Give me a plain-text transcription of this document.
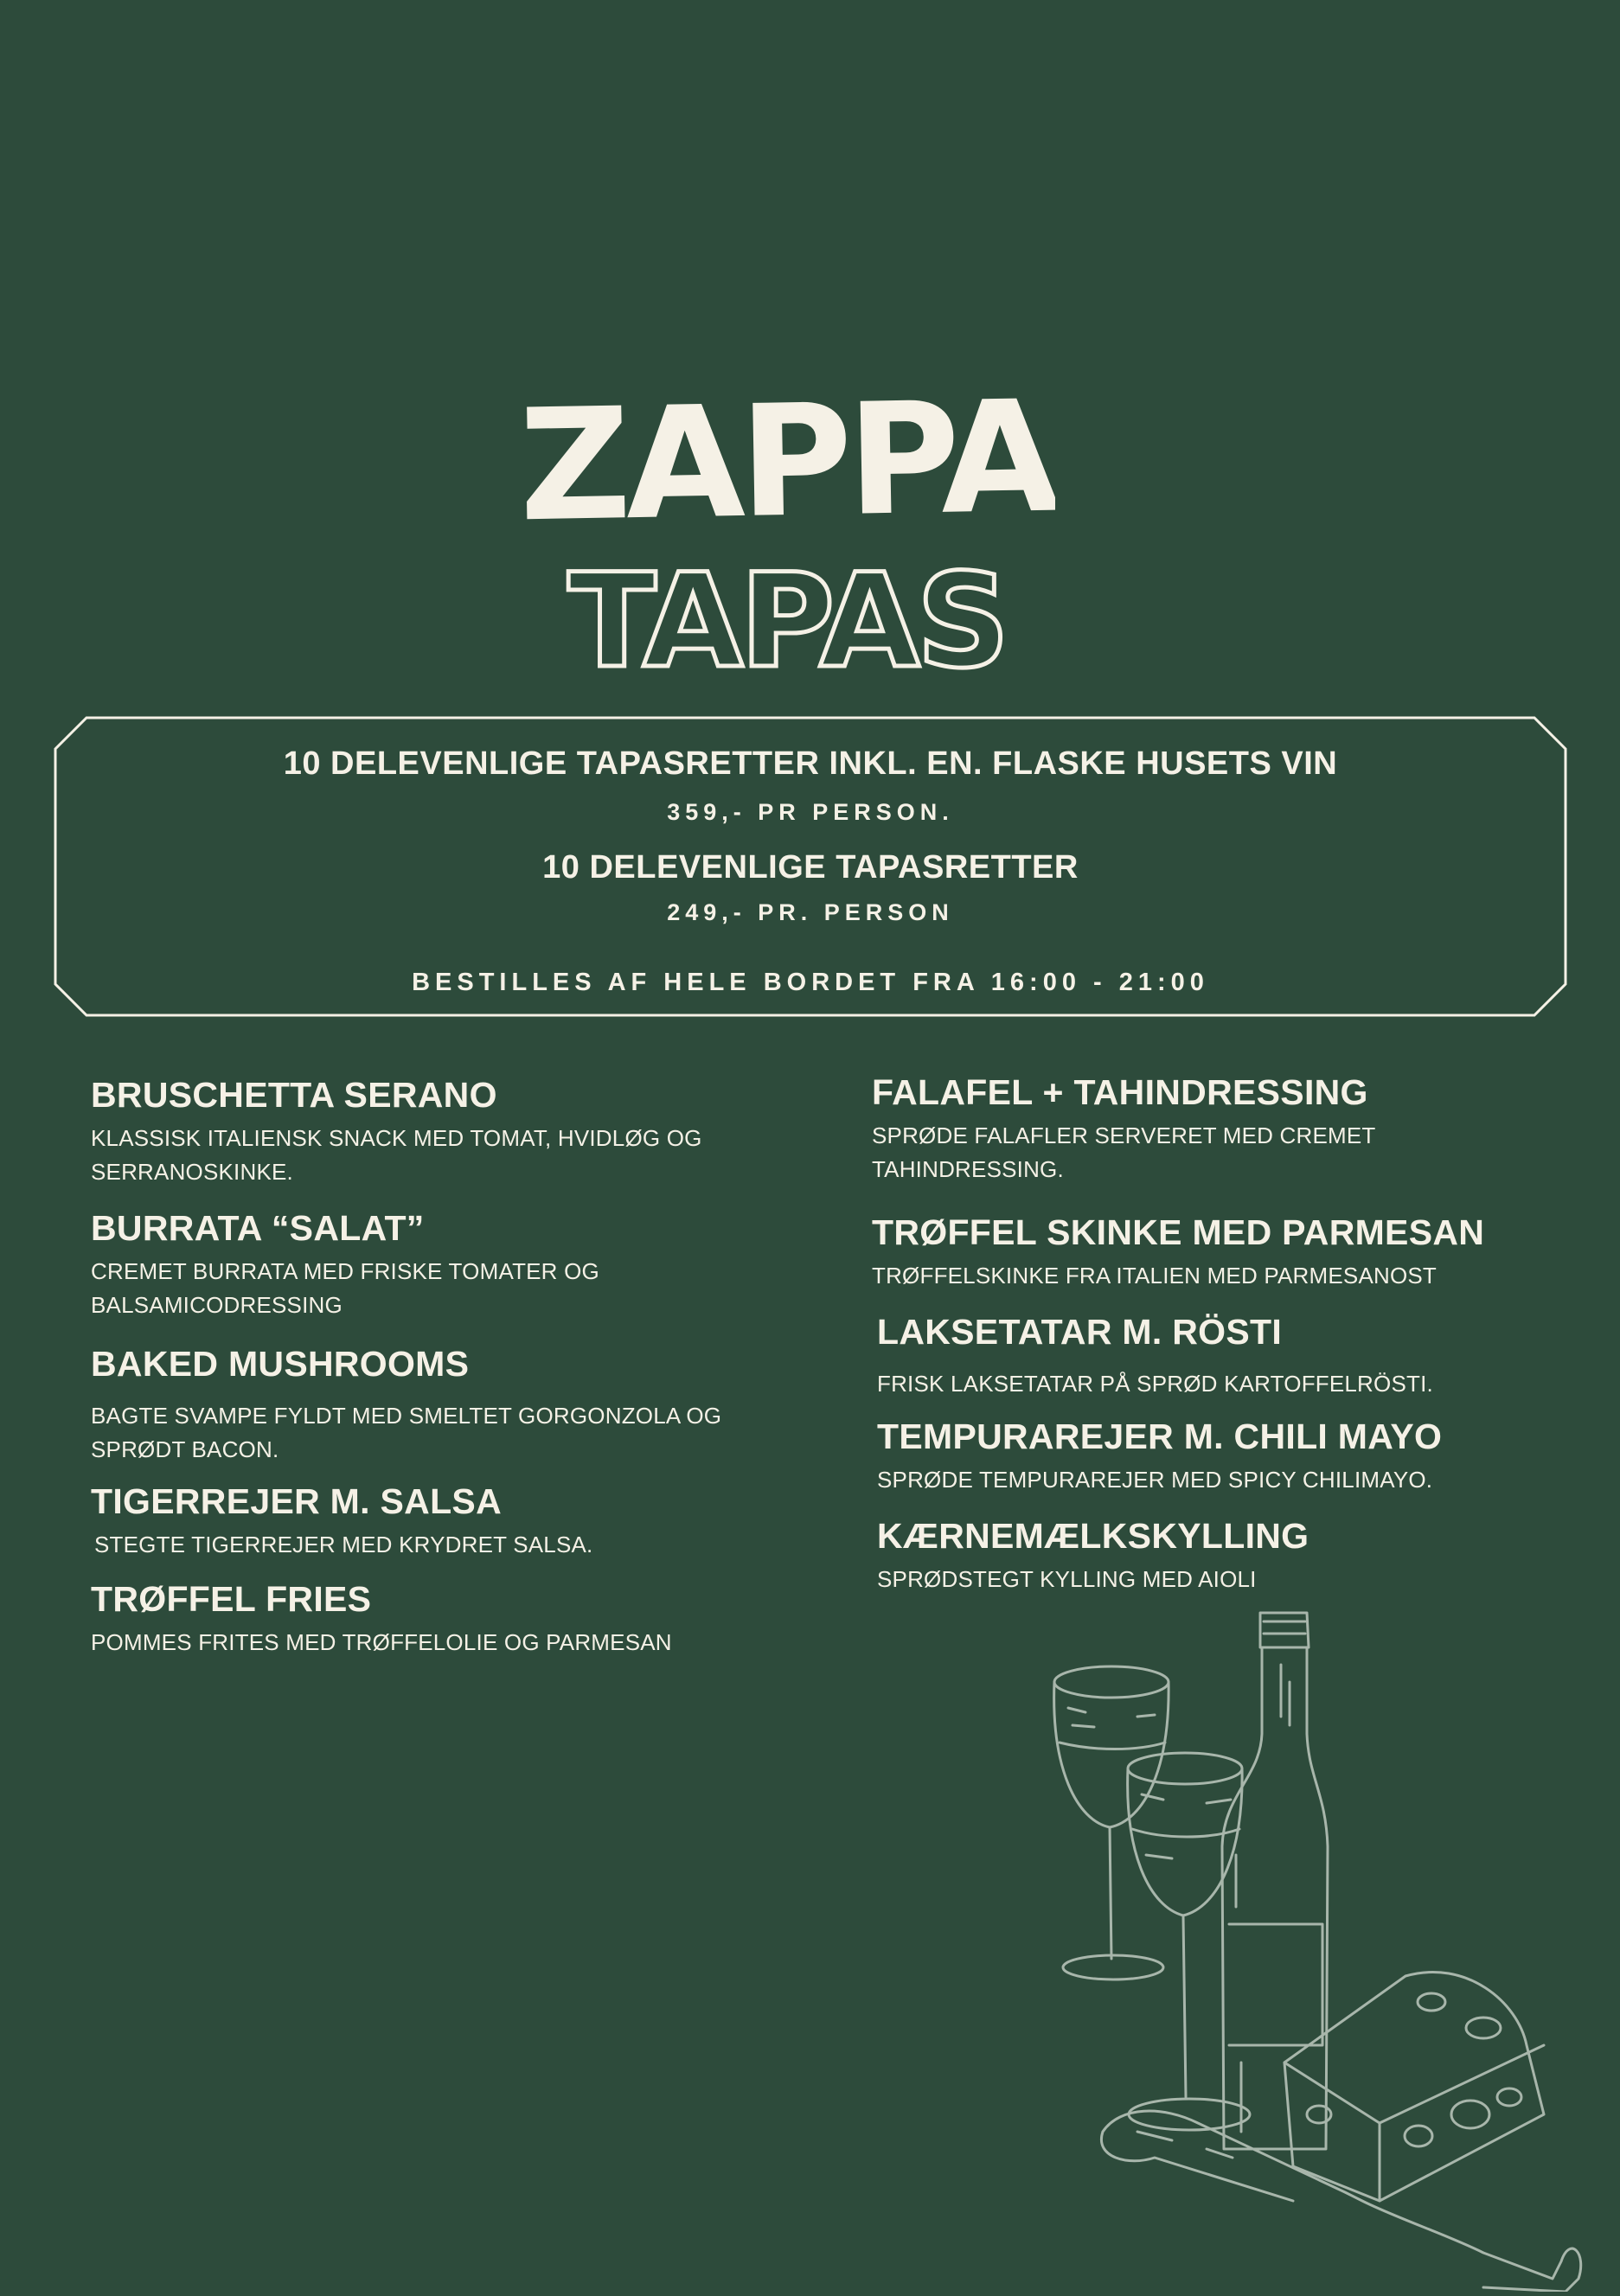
ZAPPA
TAPAS
10 DELEVENLIGE TAPASRETTER INKL. EN. FLASKE HUSETS VIN
359,- PR PERSON.
10 DELEVENLIGE TAPASRETTER
249,- PR. PERSON
BESTILLES AF HELE BORDET FRA 16:00 - 21:00
BRUSCHETTA SERANO
KLASSISK ITALIENSK SNACK MED TOMAT, HVIDLØG OG SERRANOSKINKE.
BURRATA “SALAT”
CREMET BURRATA MED FRISKE TOMATER OG BALSAMICODRESSING
BAKED MUSHROOMS
BAGTE SVAMPE FYLDT MED SMELTET GORGONZOLA OG SPRØDT BACON.
TIGERREJER M. SALSA
STEGTE TIGERREJER MED KRYDRET SALSA.
TRØFFEL FRIES
POMMES FRITES MED TRØFFELOLIE OG PARMESAN
FALAFEL + TAHINDRESSING
SPRØDE FALAFLER SERVERET MED CREMET TAHINDRESSING.
TRØFFEL SKINKE MED PARMESAN
TRØFFELSKINKE FRA ITALIEN MED PARMESANOST
LAKSETATAR M. RÖSTI
FRISK LAKSETATAR PÅ SPRØD KARTOFFELRÖSTI.
TEMPURAREJER M. CHILI MAYO
SPRØDE TEMPURAREJER MED SPICY CHILIMAYO.
KÆRNEMÆLKSKYLLING
SPRØDSTEGT KYLLING MED AIOLI
